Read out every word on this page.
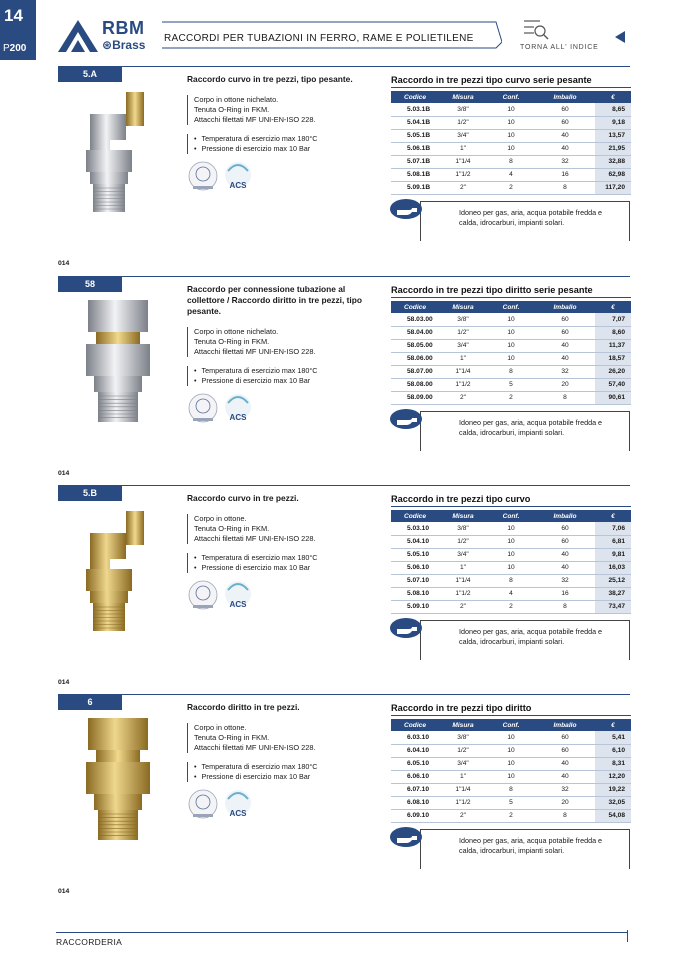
14
P200
RBM
⊛Brass RACCORDI PER TUBAZIONI IN FERRO, RAME E POLIETILENE
TORNA ALL' INDICE
5.A	Raccordo curvo in tre pezzi, tipo pesante.
Corpo in ottone nichelato.
Tenuta O-Ring in FKM.
Attacchi filettati MF UNI-EN-ISO 228.
• Temperatura di esercizio max 180°C
• Pressione di esercizio max 10 Bar
ACS
Raccordo in tre pezzi tipo curvo serie pesante
Codice	Misura	Conf.	Imballo	€
5.03.1B	3/8"	10	60	8,65
5.04.1B	1/2"	10	60	9,18
5.05.1B	3/4"	10	40	13,57
5.06.1B	1"	10	40	21,95
5.07.1B	1"1/4	8	32	32,88
5.08.1B	1"1/2	4	16	62,98
5.09.1B	2"	2	8	117,20
Idoneo per gas, aria, acqua potabile fredda e calda, idrocarburi, impianti solari.
014
58	Raccordo per connessione tubazione al collettore / Raccordo diritto in tre pezzi, tipo pesante.
Corpo in ottone nichelato.
Tenuta O-Ring in FKM.
Attacchi filettati MF UNI-EN-ISO 228.
• Temperatura di esercizio max 180°C
• Pressione di esercizio max 10 Bar
ACS
Raccordo in tre pezzi tipo diritto serie pesante
Codice	Misura	Conf.	Imballo	€
58.03.00	3/8"	10	60	7,07
58.04.00	1/2"	10	60	8,60
58.05.00	3/4"	10	40	11,37
58.06.00	1"	10	40	18,57
58.07.00	1"1/4	8	32	26,20
58.08.00	1"1/2	5	20	57,40
58.09.00	2"	2	8	90,61
Idoneo per gas, aria, acqua potabile fredda e calda, idrocarburi, impianti solari.
014
5.B	Raccordo curvo in tre pezzi.
Corpo in ottone.
Tenuta O-Ring in FKM.
Attacchi filettati MF UNI-EN-ISO 228.
• Temperatura di esercizio max 180°C
• Pressione di esercizio max 10 Bar
ACS
Raccordo in tre pezzi tipo curvo
Codice	Misura	Conf.	Imballo	€
5.03.10	3/8"	10	60	7,06
5.04.10	1/2"	10	60	6,81
5.05.10	3/4"	10	40	9,81
5.06.10	1"	10	40	16,03
5.07.10	1"1/4	8	32	25,12
5.08.10	1"1/2	4	16	38,27
5.09.10	2"	2	8	73,47
Idoneo per gas, aria, acqua potabile fredda e calda, idrocarburi, impianti solari.
014
6	Raccordo diritto in tre pezzi.
Corpo in ottone.
Tenuta O-Ring in FKM.
Attacchi filettati MF UNI-EN-ISO 228.
• Temperatura di esercizio max 180°C
• Pressione di esercizio max 10 Bar
ACS
Raccordo in tre pezzi tipo diritto
Codice	Misura	Conf.	Imballo	€
6.03.10	3/8"	10	60	5,41
6.04.10	1/2"	10	60	6,10
6.05.10	3/4"	10	40	8,31
6.06.10	1"	10	40	12,20
6.07.10	1"1/4	8	32	19,22
6.08.10	1"1/2	5	20	32,05
6.09.10	2"	2	8	54,08
Idoneo per gas, aria, acqua potabile fredda e calda, idrocarburi, impianti solari.
014
RACCORDERIA
